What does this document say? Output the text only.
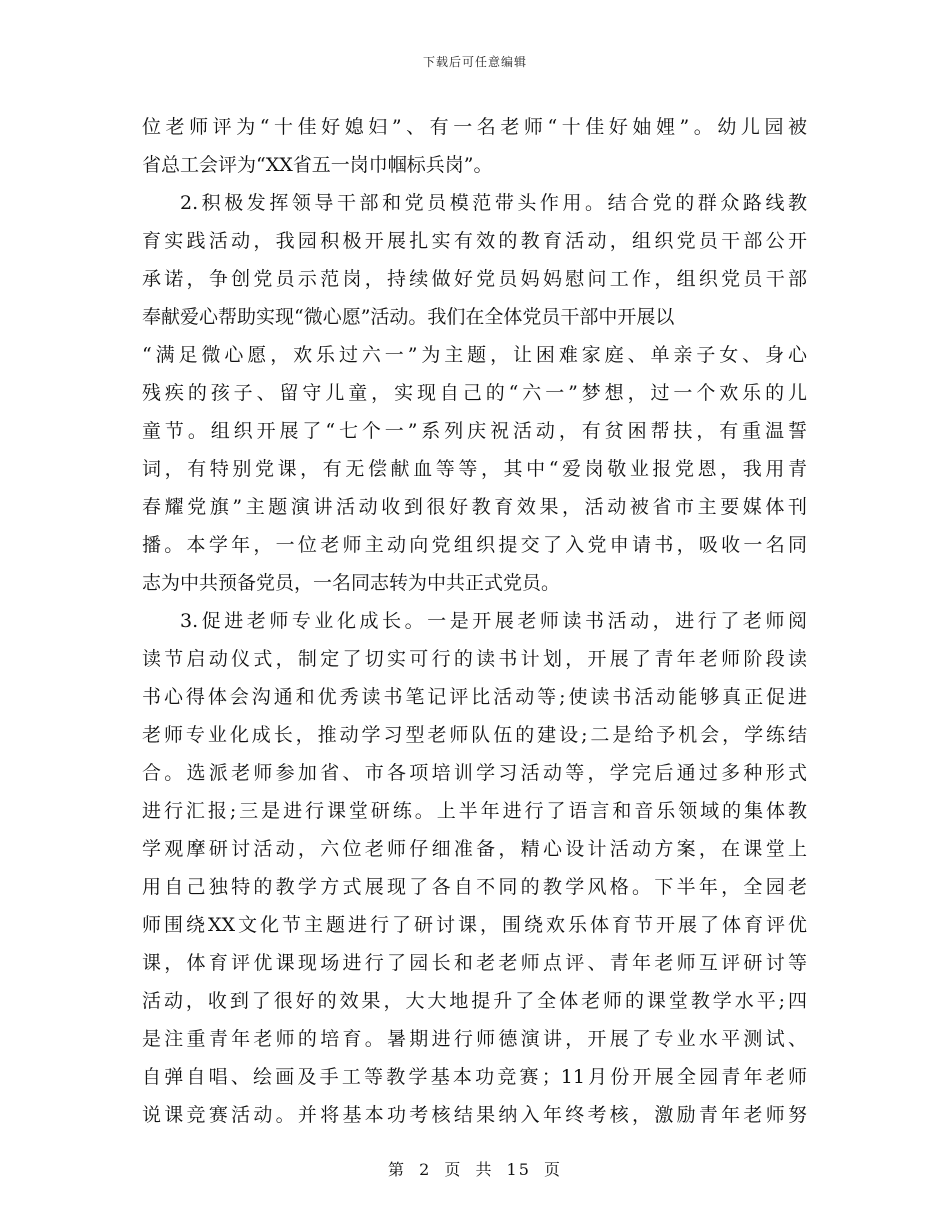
下载后可任意编辑
位老师评为“十佳好媳妇”、有一名老师“十佳好妯娌”。幼儿园被
省总工会评为“XX省五一岗巾帼标兵岗”。
2.积极发挥领导干部和党员模范带头作用。结合党的群众路线教
育实践活动，我园积极开展扎实有效的教育活动，组织党员干部公开
承诺，争创党员示范岗，持续做好党员妈妈慰问工作，组织党员干部
奉献爱心帮助实现“微心愿”活动。我们在全体党员干部中开展以
“满足微心愿，欢乐过六一”为主题，让困难家庭、单亲子女、身心
残疾的孩子、留守儿童，实现自己的“六一”梦想，过一个欢乐的儿
童节。组织开展了“七个一”系列庆祝活动，有贫困帮扶，有重温誓
词，有特别党课，有无偿献血等等，其中“爱岗敬业报党恩，我用青
春耀党旗”主题演讲活动收到很好教育效果，活动被省市主要媒体刊
播。本学年，一位老师主动向党组织提交了入党申请书，吸收一名同
志为中共预备党员，一名同志转为中共正式党员。
3.促进老师专业化成长。一是开展老师读书活动，进行了老师阅
读节启动仪式，制定了切实可行的读书计划，开展了青年老师阶段读
书心得体会沟通和优秀读书笔记评比活动等;使读书活动能够真正促进
老师专业化成长，推动学习型老师队伍的建设;二是给予机会，学练结
合。选派老师参加省、市各项培训学习活动等，学完后通过多种形式
进行汇报;三是进行课堂研练。上半年进行了语言和音乐领域的集体教
学观摩研讨活动，六位老师仔细准备，精心设计活动方案，在课堂上
用自己独特的教学方式展现了各自不同的教学风格。下半年，全园老
师围绕XX文化节主题进行了研讨课，围绕欢乐体育节开展了体育评优
课，体育评优课现场进行了园长和老老师点评、青年老师互评研讨等
活动，收到了很好的效果，大大地提升了全体老师的课堂教学水平;四
是注重青年老师的培育。暑期进行师德演讲，开展了专业水平测试、
自弹自唱、绘画及手工等教学基本功竞赛；11月份开展全园青年老师
说课竞赛活动。并将基本功考核结果纳入年终考核，激励青年老师努
第 2 页 共 15 页
